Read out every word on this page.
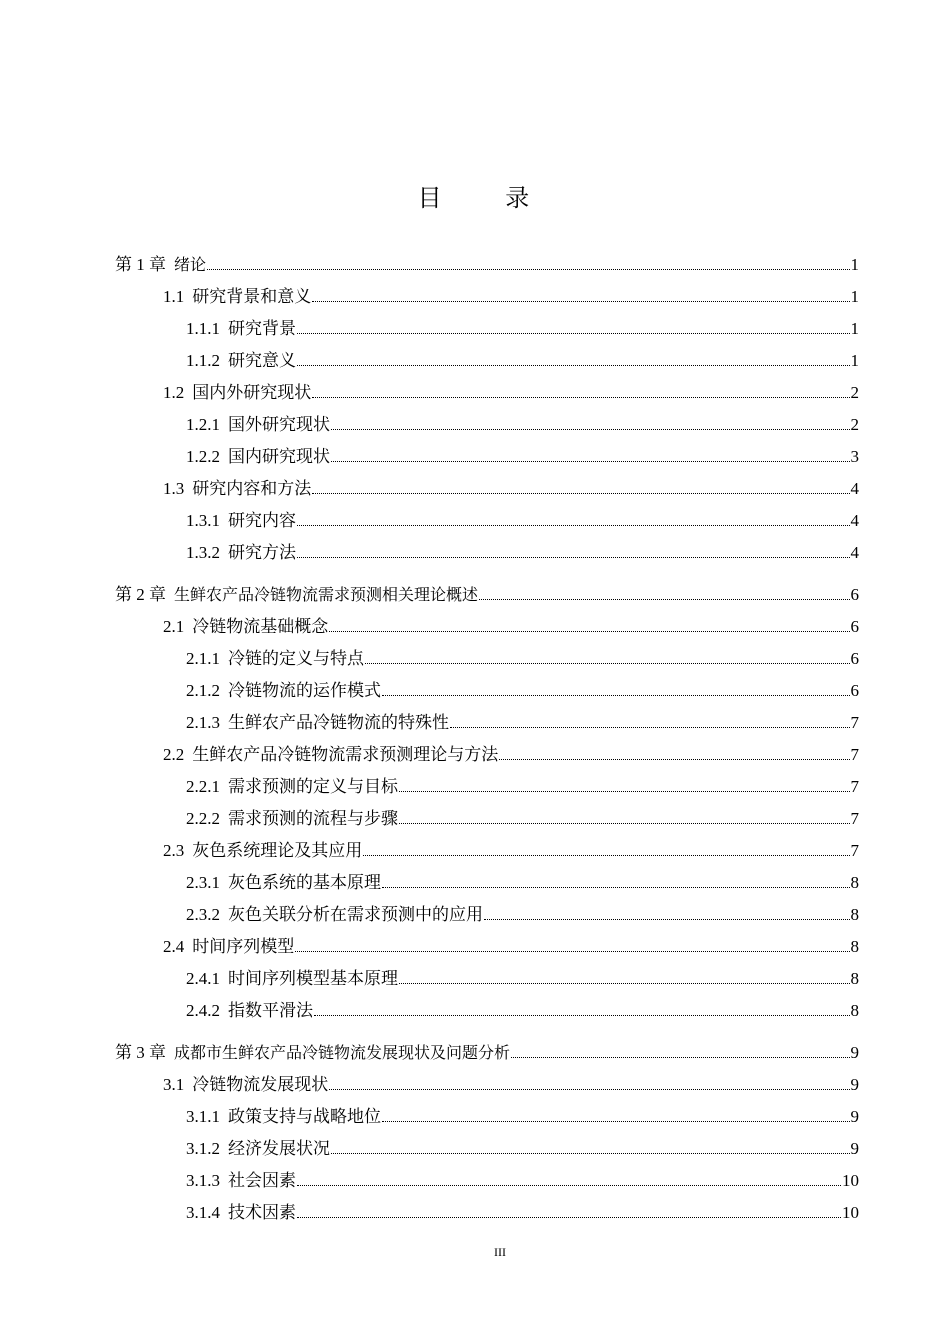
目 录
第 1 章 绪论	1
1.1 研究背景和意义	1
1.1.1 研究背景	1
1.1.2 研究意义	1
1.2 国内外研究现状	2
1.2.1 国外研究现状	2
1.2.2 国内研究现状	3
1.3 研究内容和方法	4
1.3.1 研究内容	4
1.3.2 研究方法	4
第 2 章 生鲜农产品冷链物流需求预测相关理论概述	6
2.1 冷链物流基础概念	6
2.1.1 冷链的定义与特点	6
2.1.2 冷链物流的运作模式	6
2.1.3 生鲜农产品冷链物流的特殊性	7
2.2 生鲜农产品冷链物流需求预测理论与方法	7
2.2.1 需求预测的定义与目标	7
2.2.2 需求预测的流程与步骤	7
2.3 灰色系统理论及其应用	7
2.3.1 灰色系统的基本原理	8
2.3.2 灰色关联分析在需求预测中的应用	8
2.4 时间序列模型	8
2.4.1 时间序列模型基本原理	8
2.4.2 指数平滑法	8
第 3 章 成都市生鲜农产品冷链物流发展现状及问题分析	9
3.1 冷链物流发展现状	9
3.1.1 政策支持与战略地位	9
3.1.2 经济发展状况	9
3.1.3 社会因素	10
3.1.4 技术因素	10
III
